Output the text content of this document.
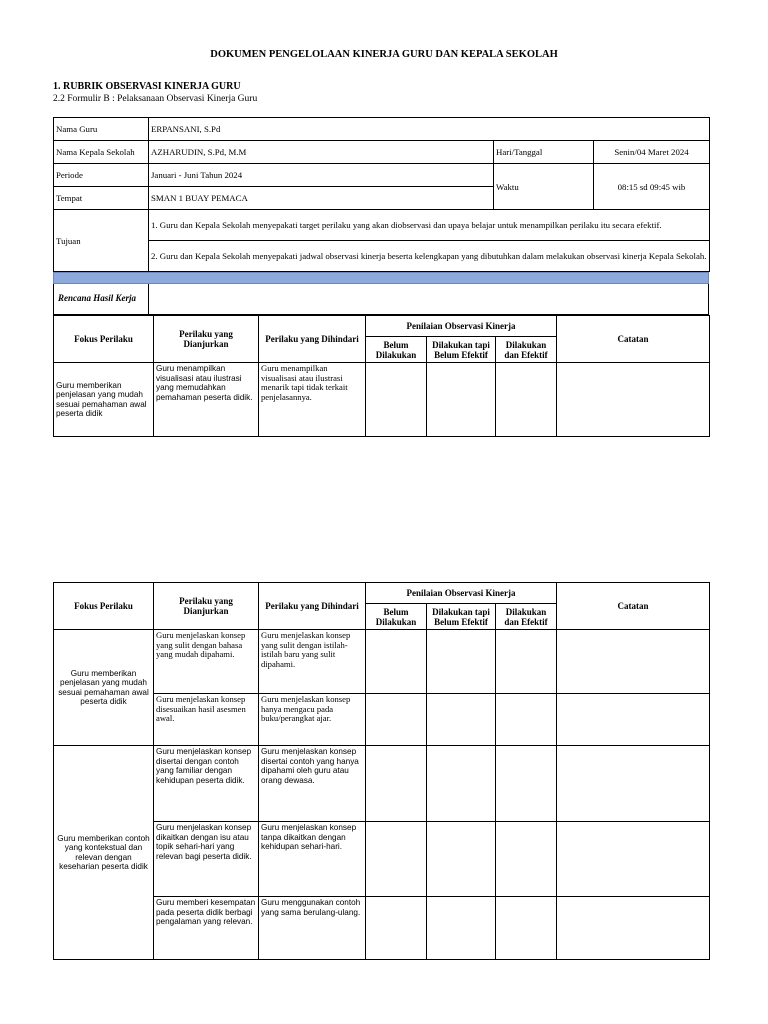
DOKUMEN PENGELOLAAN KINERJA GURU DAN KEPALA SEKOLAH
1. RUBRIK OBSERVASI KINERJA GURU
2.2 Formulir B : Pelaksanaan Observasi Kinerja Guru
Nama Guru	ERPANSANI, S.Pd		
Nama Kepala Sekolah	AZHARUDIN, S.Pd, M.M	Hari/Tanggal	Senin/04 Maret 2024
Periode	Januari - Juni Tahun 2024	Waktu	08:15 sd 09:45 wib
Tempat	SMAN 1 BUAY PEMACA		
Tujuan	1. Guru dan Kepala Sekolah menyepakati target perilaku yang akan diobservasi dan upaya belajar untuk menampilkan perilaku itu secara efektif.		
	2. Guru dan Kepala Sekolah menyepakati jadwal observasi kinerja beserta kelengkapan yang dibutuhkan dalam melakukan observasi kinerja Kepala Sekolah.		
Rencana Hasil Kerja
Fokus Perilaku	Perilaku yang Dianjurkan	Perilaku yang Dihindari	Penilaian Observasi Kinerja			Catatan
			Belum Dilakukan	Dilakukan tapi Belum Efektif	Dilakukan dan Efektif	
Guru memberikan penjelasan yang mudah sesuai pemahaman awal peserta didik	Guru menampilkan visualisasi atau ilustrasi yang memudahkan pemahaman peserta didik.	Guru menampilkan visualisasi atau ilustrasi menarik tapi tidak terkait penjelasannya.				
Fokus Perilaku	Perilaku yang Dianjurkan	Perilaku yang Dihindari	Penilaian Observasi Kinerja			Catatan
			Belum Dilakukan	Dilakukan tapi Belum Efektif	Dilakukan dan Efektif	
Guru memberikan penjelasan yang mudah sesuai pemahaman awal peserta didik	Guru menjelaskan konsep yang sulit dengan bahasa yang mudah dipahami.	Guru menjelaskan konsep yang sulit dengan istilah-istilah baru yang sulit dipahami.				
	Guru menjelaskan konsep disesuaikan hasil asesmen awal.	Guru menjelaskan konsep hanya mengacu pada buku/perangkat ajar.				
Guru memberikan contoh yang kontekstual dan relevan dengan keseharian peserta didik	Guru menjelaskan konsep disertai dengan contoh yang familiar dengan kehidupan peserta didik.	Guru menjelaskan konsep disertai contoh yang hanya dipahami oleh guru atau orang dewasa.				
	Guru menjelaskan konsep dikaitkan dengan isu atau topik sehari-hari yang relevan bagi peserta didik.	Guru menjelaskan konsep tanpa dikaitkan dengan kehidupan sehari-hari.				
	Guru memberi kesempatan pada peserta didik berbagi pengalaman yang relevan.	Guru menggunakan contoh yang sama berulang-ulang.				
